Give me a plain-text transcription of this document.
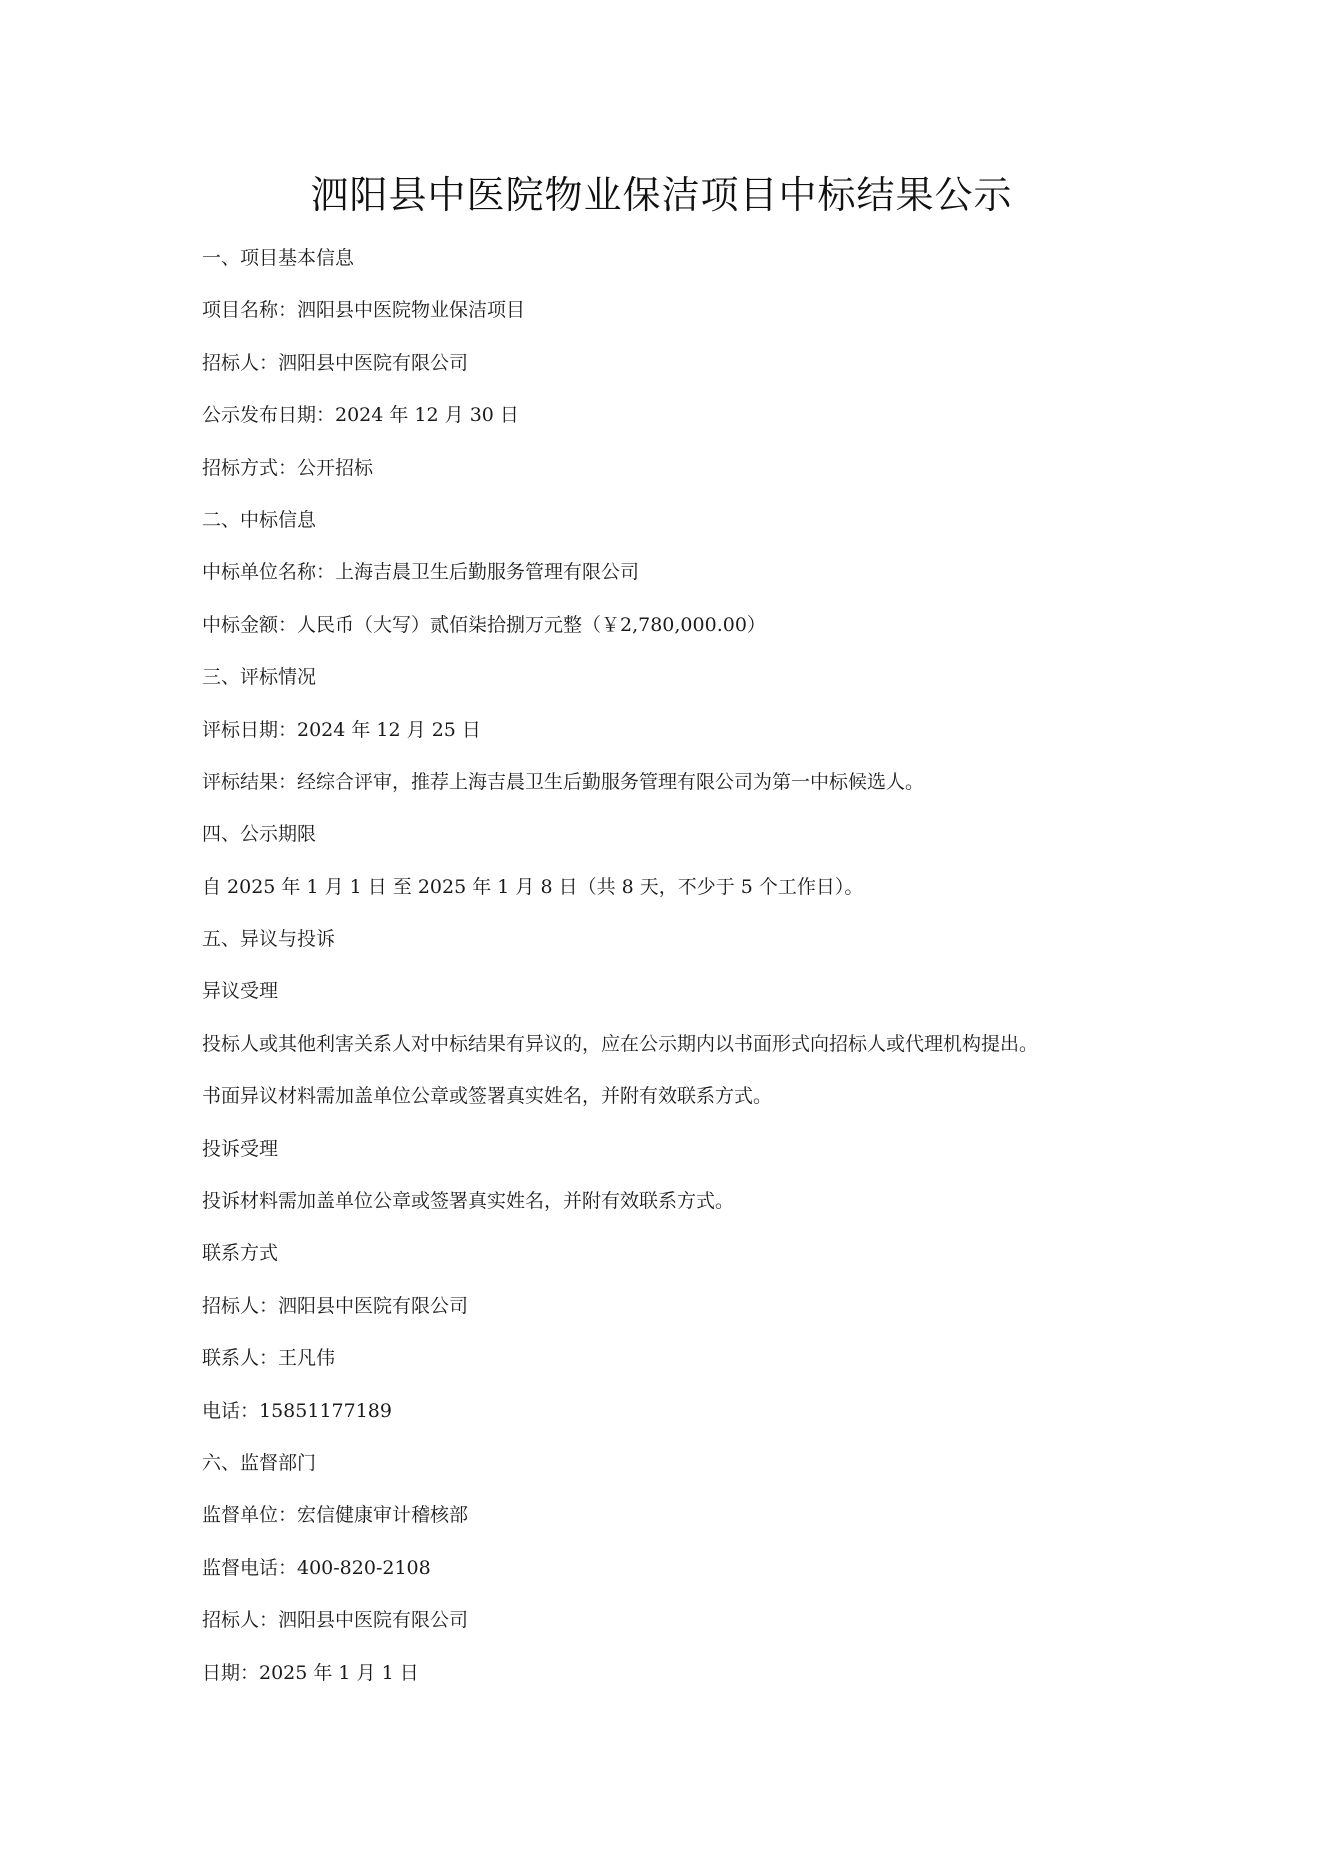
泗阳县中医院物业保洁项目中标结果公示
一、项目基本信息
项目名称：泗阳县中医院物业保洁项目
招标人：泗阳县中医院有限公司
公示发布日期：2024 年 12 月 30 日
招标方式：公开招标
二、中标信息
中标单位名称：上海吉晨卫生后勤服务管理有限公司
中标金额：人民币（大写）贰佰柒拾捌万元整（￥2,780,000.00）
三、评标情况
评标日期：2024 年 12 月 25 日
评标结果：经综合评审，推荐上海吉晨卫生后勤服务管理有限公司为第一中标候选人。
四、公示期限
自 2025 年 1 月 1 日 至 2025 年 1 月 8 日（共 8 天，不少于 5 个工作日）。
五、异议与投诉
异议受理
投标人或其他利害关系人对中标结果有异议的，应在公示期内以书面形式向招标人或代理机构提出。
书面异议材料需加盖单位公章或签署真实姓名，并附有效联系方式。
投诉受理
投诉材料需加盖单位公章或签署真实姓名，并附有效联系方式。
联系方式
招标人：泗阳县中医院有限公司
联系人：王凡伟
电话：15851177189
六、监督部门
监督单位：宏信健康审计稽核部
监督电话：400-820-2108
招标人：泗阳县中医院有限公司
日期：2025 年 1 月 1 日
